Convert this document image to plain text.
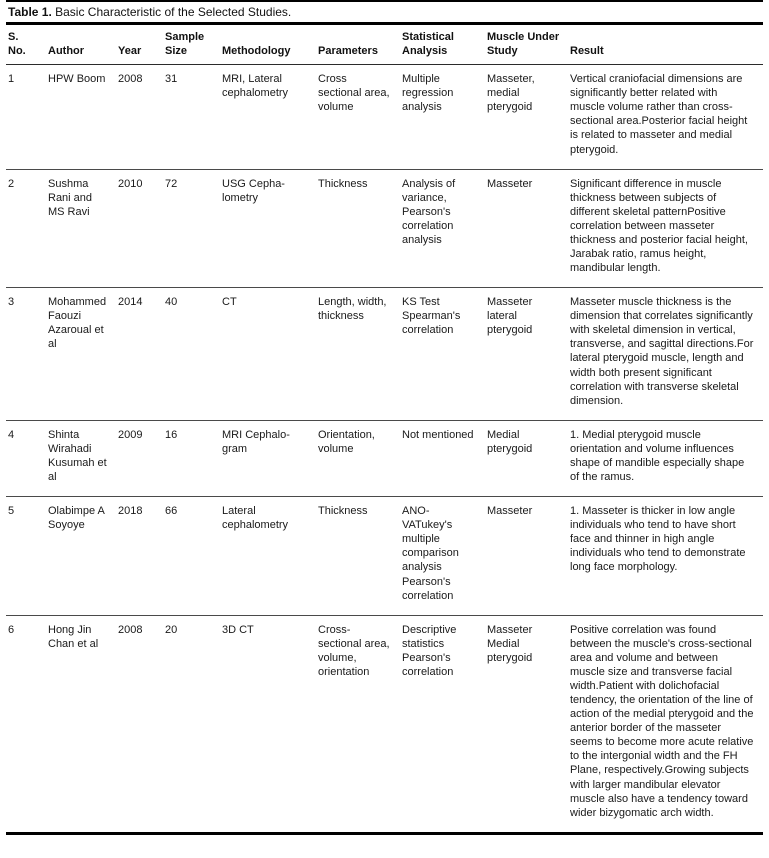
Table 1. Basic Characteristic of the Selected Studies.
S. No.	Author	Year	Sample Size	Methodology	Parameters	Statistical Analysis	Muscle Under Study	Result
1	HPW Boom	2008	31	MRI, Lateral cephalometry	Cross sectional area, volume	Multiple regression analysis	Masseter, medial pterygoid	Vertical craniofacial dimensions are significantly better related with muscle volume rather than cross-sectional area.Posterior facial height is related to masseter and medial pterygoid.
2	Sushma Rani and MS Ravi	2010	72	USG Cepha-lometry	Thickness	Analysis of variance, Pearson's correlation analysis	Masseter	Significant difference in muscle thickness between subjects of different skeletal patternPositive correlation between masseter thickness and posterior facial height, Jarabak ratio, ramus height, mandibular length.
3	Mohammed Faouzi Azaroual et al	2014	40	CT	Length, width, thickness	KS Test Spearman's correlation	Masseter lateral pterygoid	Masseter muscle thickness is the dimension that correlates significantly with skeletal dimension in vertical, transverse, and sagittal directions.For lateral pterygoid muscle, length and width both present significant correlation with transverse skeletal dimension.
4	Shinta Wirahadi Kusumah et al	2009	16	MRI Cephalo-gram	Orientation, volume	Not mentioned	Medial pterygoid	1. Medial pterygoid muscle orientation and volume influences shape of mandible especially shape of the ramus.
5	Olabimpe A Soyoye	2018	66	Lateral cephalometry	Thickness	ANO-VATukey's multiple comparison analysis Pearson's correlation	Masseter	1. Masseter is thicker in low angle individuals who tend to have short face and thinner in high angle individuals who tend to demonstrate long face morphology.
6	Hong Jin Chan et al	2008	20	3D CT	Cross-sectional area, volume, orientation	Descriptive statistics Pearson's correlation	Masseter Medial pterygoid	Positive correlation was found between the muscle's cross-sectional area and volume and between muscle size and transverse facial width.Patient with dolichofacial tendency, the orientation of the line of action of the medial pterygoid and the anterior border of the masseter seems to become more acute relative to the intergonial width and the FH Plane, respectively.Growing subjects with larger mandibular elevator muscle also have a tendency toward wider bizygomatic arch width.
